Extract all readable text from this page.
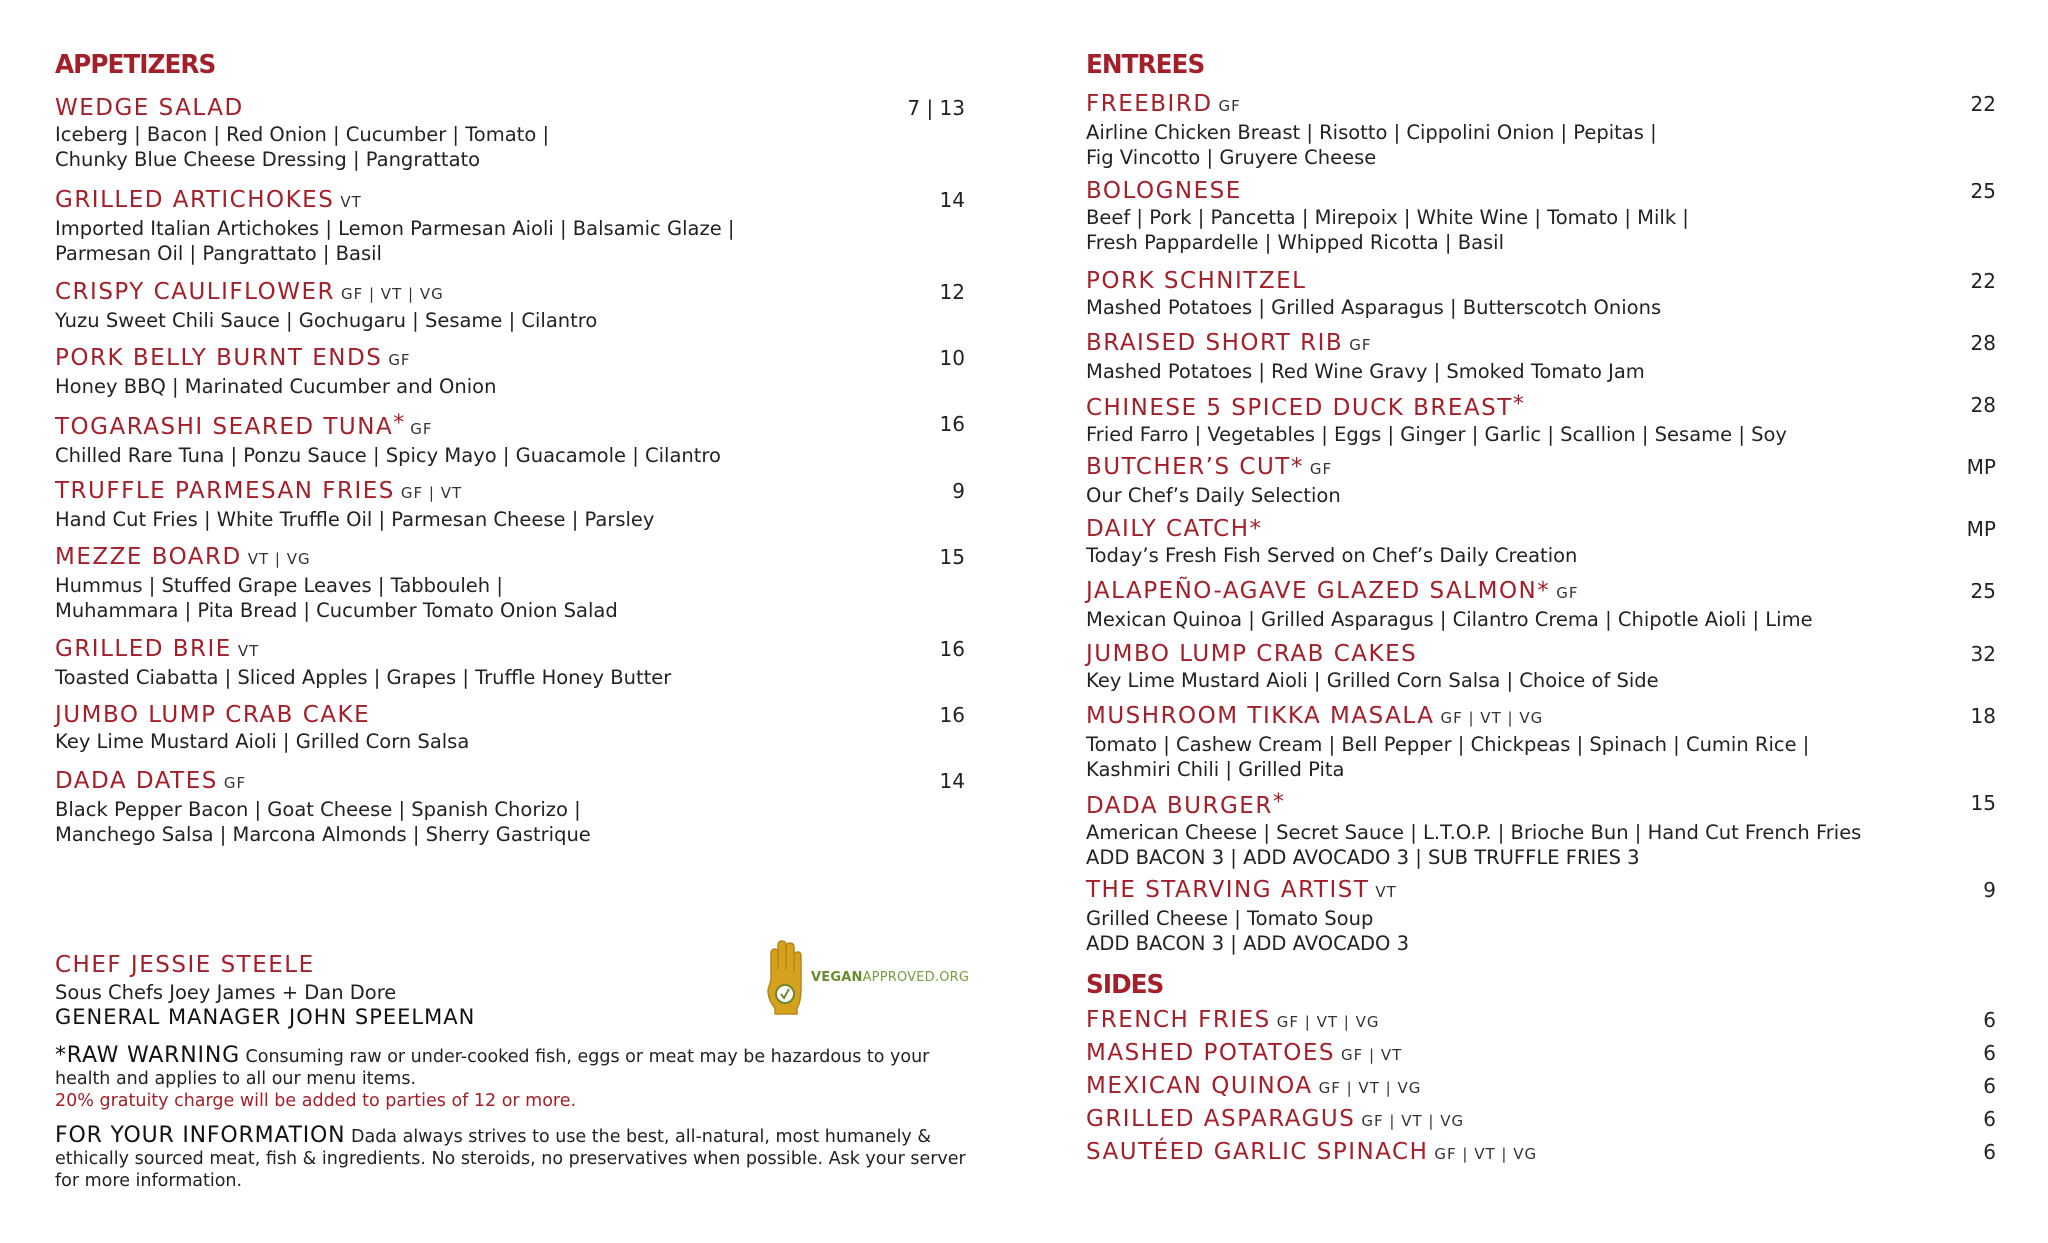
APPETIZERS
WEDGE SALAD	7 | 13
Iceberg | Bacon | Red Onion | Cucumber | Tomato |
Chunky Blue Cheese Dressing | Pangrattato
GRILLED ARTICHOKES VT	14
Imported Italian Artichokes | Lemon Parmesan Aioli | Balsamic Glaze |
Parmesan Oil | Pangrattato | Basil
CRISPY CAULIFLOWER GF | VT | VG	12
Yuzu Sweet Chili Sauce | Gochugaru | Sesame | Cilantro
PORK BELLY BURNT ENDS GF	10
Honey BBQ | Marinated Cucumber and Onion
TOGARASHI SEARED TUNA* GF	16
Chilled Rare Tuna | Ponzu Sauce | Spicy Mayo | Guacamole | Cilantro
TRUFFLE PARMESAN FRIES GF | VT	9
Hand Cut Fries | White Truffle Oil | Parmesan Cheese | Parsley
MEZZE BOARD VT | VG	15
Hummus | Stuffed Grape Leaves | Tabbouleh |
Muhammara | Pita Bread | Cucumber Tomato Onion Salad
GRILLED BRIE VT	16
Toasted Ciabatta | Sliced Apples | Grapes | Truffle Honey Butter
JUMBO LUMP CRAB CAKE	16
Key Lime Mustard Aioli | Grilled Corn Salsa
DADA DATES GF	14
Black Pepper Bacon | Goat Cheese | Spanish Chorizo |
Manchego Salsa | Marcona Almonds | Sherry Gastrique
CHEF JESSIE STEELE
Sous Chefs Joey James + Dan Dore
GENERAL MANAGER JOHN SPEELMAN
VEGANAPPROVED.ORG
*RAW WARNING Consuming raw or under-cooked fish, eggs or meat may be hazardous to your health and applies to all our menu items.
20% gratuity charge will be added to parties of 12 or more.
FOR YOUR INFORMATION Dada always strives to use the best, all-natural, most humanely & ethically sourced meat, fish & ingredients. No steroids, no preservatives when possible. Ask your server for more information.
ENTREES
FREEBIRD GF	22
Airline Chicken Breast | Risotto | Cippolini Onion | Pepitas |
Fig Vincotto | Gruyere Cheese
BOLOGNESE	25
Beef | Pork | Pancetta | Mirepoix | White Wine | Tomato | Milk |
Fresh Pappardelle | Whipped Ricotta | Basil
PORK SCHNITZEL	22
Mashed Potatoes | Grilled Asparagus | Butterscotch Onions
BRAISED SHORT RIB GF	28
Mashed Potatoes | Red Wine Gravy | Smoked Tomato Jam
CHINESE 5 SPICED DUCK BREAST*	28
Fried Farro | Vegetables | Eggs | Ginger | Garlic | Scallion | Sesame | Soy
BUTCHER’S CUT* GF	MP
Our Chef’s Daily Selection
DAILY CATCH*	MP
Today’s Fresh Fish Served on Chef’s Daily Creation
JALAPEÑO-AGAVE GLAZED SALMON* GF	25
Mexican Quinoa | Grilled Asparagus | Cilantro Crema | Chipotle Aioli | Lime
JUMBO LUMP CRAB CAKES	32
Key Lime Mustard Aioli | Grilled Corn Salsa | Choice of Side
MUSHROOM TIKKA MASALA GF | VT | VG	18
Tomato | Cashew Cream | Bell Pepper | Chickpeas | Spinach | Cumin Rice |
Kashmiri Chili | Grilled Pita
DADA BURGER*	15
American Cheese | Secret Sauce | L.T.O.P. | Brioche Bun | Hand Cut French Fries
ADD BACON 3 | ADD AVOCADO 3 | SUB TRUFFLE FRIES 3
THE STARVING ARTIST VT	9
Grilled Cheese | Tomato Soup
ADD BACON 3 | ADD AVOCADO 3
SIDES
FRENCH FRIES GF | VT | VG	6
MASHED POTATOES GF | VT	6
MEXICAN QUINOA GF | VT | VG	6
GRILLED ASPARAGUS GF | VT | VG	6
SAUTÉED GARLIC SPINACH GF | VT | VG	6
